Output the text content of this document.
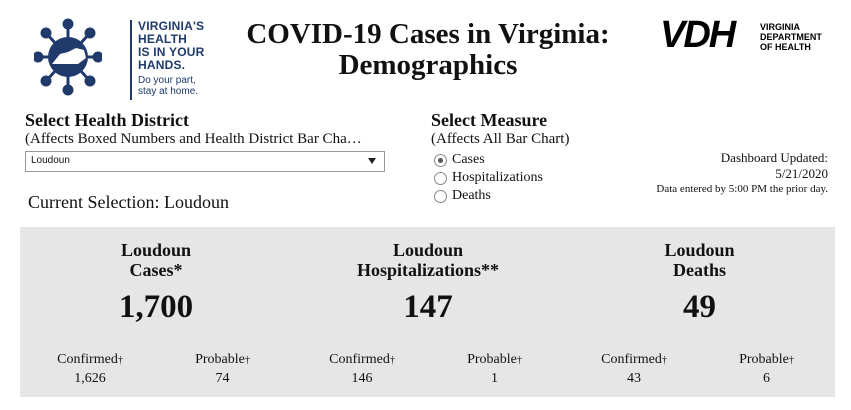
VIRGINIA'S
HEALTH
IS IN YOUR
HANDS.
Do your part,
stay at home.
COVID-19 Cases in Virginia:
Demographics
VDH	VIRGINIA
DEPARTMENT
OF HEALTH
Select Health District
(Affects Boxed Numbers and Health District Bar Cha…
Loudoun
Current Selection: Loudoun
Select Measure
(Affects All Bar Chart)
Cases
Hospitalizations
Deaths
Dashboard Updated:
5/21/2020
Data entered by 5:00 PM the prior day.
Loudoun
Cases*
1,700
Confirmed†
1,626
Probable†
74
Loudoun
Hospitalizations**
147
Confirmed†
146
Probable†
1
Loudoun
Deaths
49
Confirmed†
43
Probable†
6
